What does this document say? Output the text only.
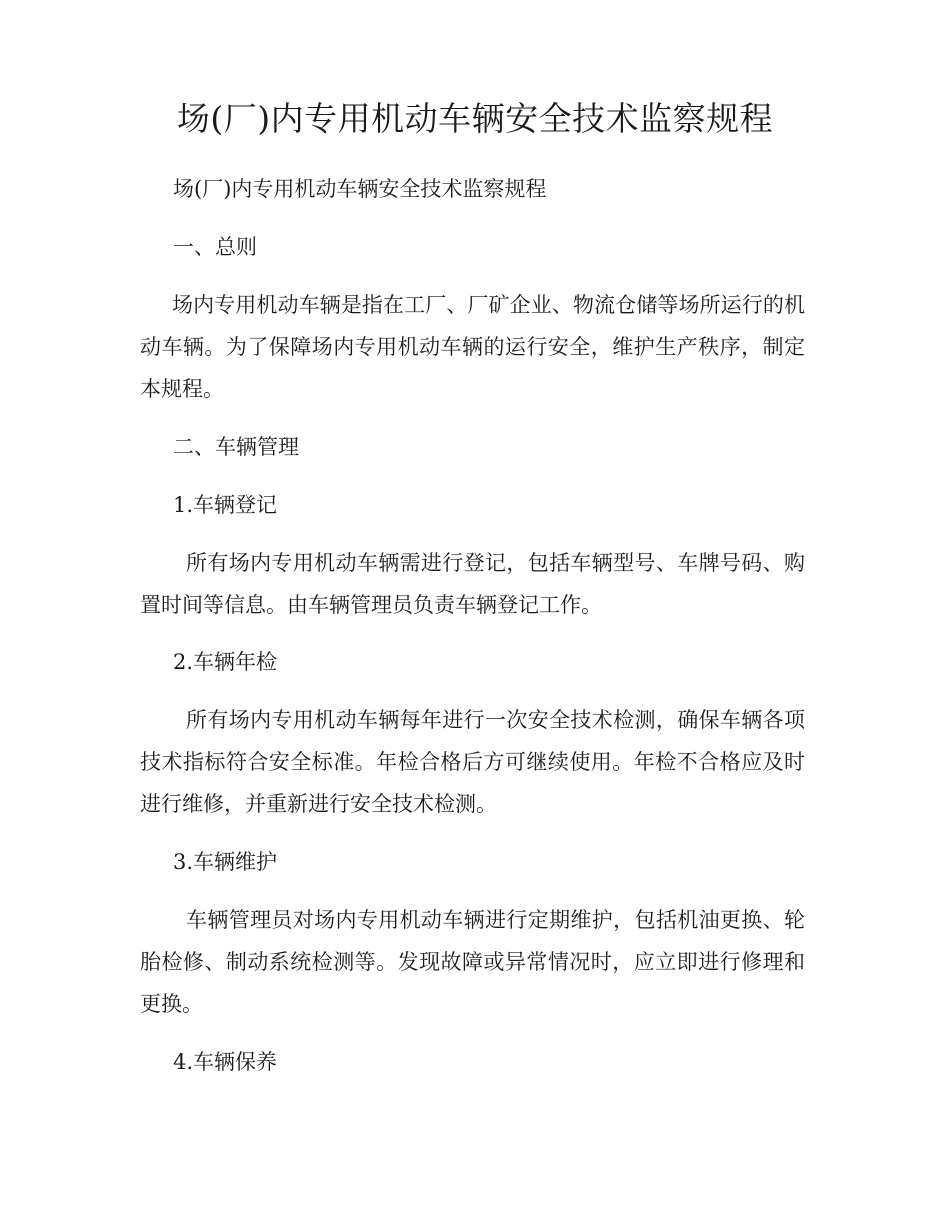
场(厂)内专用机动车辆安全技术监察规程

场(厂)内专用机动车辆安全技术监察规程

一、总则

场内专用机动车辆是指在工厂、厂矿企业、物流仓储等场所运行的机动车辆。为了保障场内专用机动车辆的运行安全，维护生产秩序，制定本规程。

二、车辆管理

1.车辆登记

所有场内专用机动车辆需进行登记，包括车辆型号、车牌号码、购置时间等信息。由车辆管理员负责车辆登记工作。

2.车辆年检

所有场内专用机动车辆每年进行一次安全技术检测，确保车辆各项技术指标符合安全标准。年检合格后方可继续使用。年检不合格应及时进行维修，并重新进行安全技术检测。

3.车辆维护

车辆管理员对场内专用机动车辆进行定期维护，包括机油更换、轮胎检修、制动系统检测等。发现故障或异常情况时，应立即进行修理和更换。

4.车辆保养
